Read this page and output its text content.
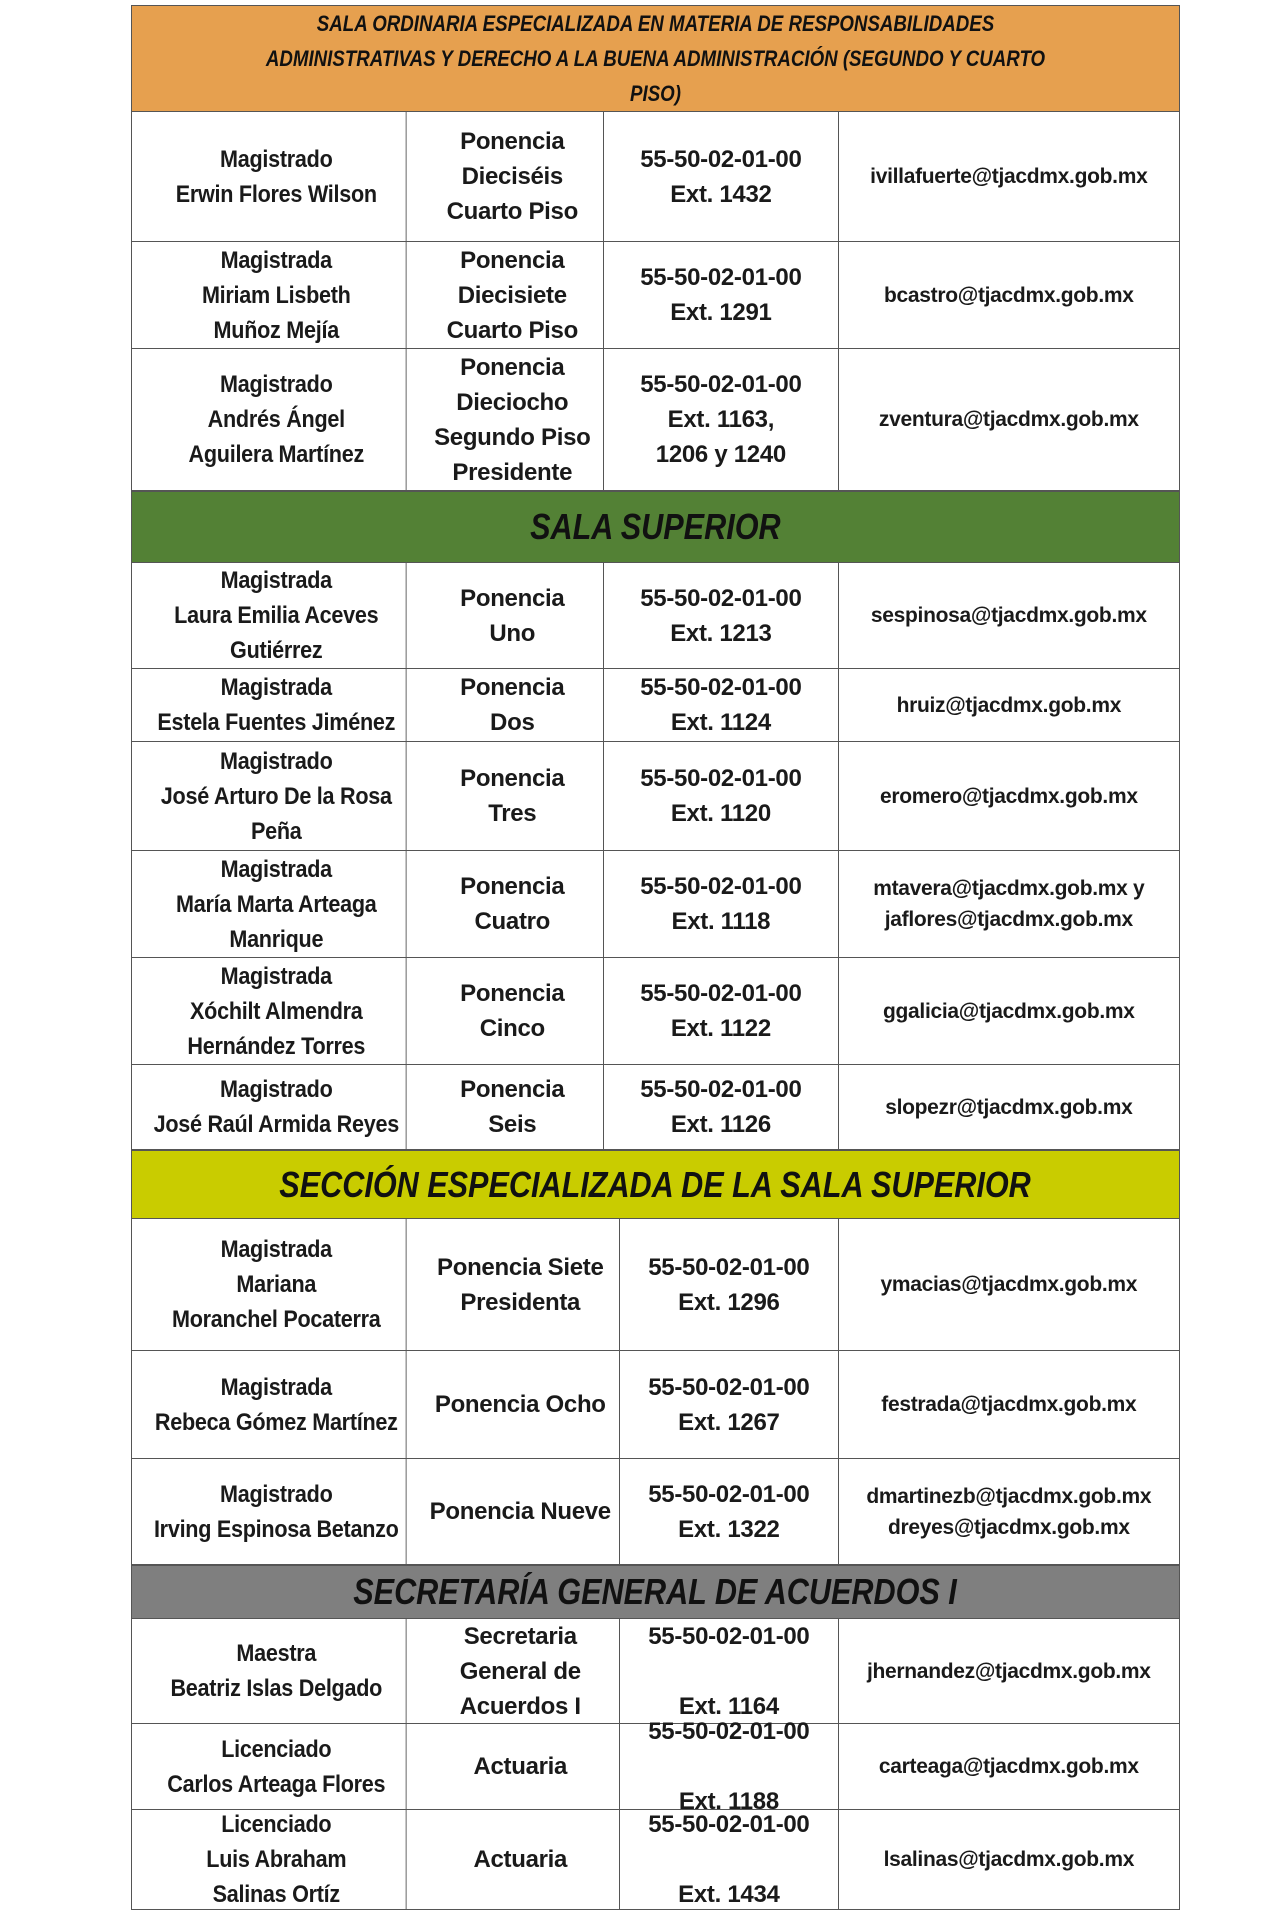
SALA ORDINARIA ESPECIALIZADA EN MATERIA DE RESPONSABILIDADES ADMINISTRATIVAS Y DERECHO A LA BUENA ADMINISTRACIÓN (SEGUNDO Y CUARTO PISO)
Magistrado
Erwin Flores Wilson
Ponencia
Dieciséis
Cuarto Piso
55-50-02-01-00
Ext. 1432
ivillafuerte@tjacdmx.gob.mx
Magistrada
Miriam Lisbeth
Muñoz Mejía
Ponencia
Diecisiete
Cuarto Piso
55-50-02-01-00
Ext. 1291
bcastro@tjacdmx.gob.mx
Magistrado
Andrés Ángel
Aguilera Martínez
Ponencia
Dieciocho
Segundo Piso
Presidente
55-50-02-01-00
Ext. 1163,
1206 y 1240
zventura@tjacdmx.gob.mx
SALA SUPERIOR
Magistrada
Laura Emilia Aceves
Gutiérrez
Ponencia
Uno
55-50-02-01-00
Ext. 1213
sespinosa@tjacdmx.gob.mx
Magistrada
Estela Fuentes Jiménez
Ponencia
Dos
55-50-02-01-00
Ext. 1124
hruiz@tjacdmx.gob.mx
Magistrado
José Arturo De la Rosa
Peña
Ponencia
Tres
55-50-02-01-00
Ext. 1120
eromero@tjacdmx.gob.mx
Magistrada
María Marta Arteaga
Manrique
Ponencia
Cuatro
55-50-02-01-00
Ext. 1118
mtavera@tjacdmx.gob.mx y
jaflores@tjacdmx.gob.mx
Magistrada
Xóchilt Almendra
Hernández Torres
Ponencia
Cinco
55-50-02-01-00
Ext. 1122
ggalicia@tjacdmx.gob.mx
Magistrado
José Raúl Armida Reyes
Ponencia
Seis
55-50-02-01-00
Ext. 1126
slopezr@tjacdmx.gob.mx
SECCIÓN ESPECIALIZADA DE LA SALA SUPERIOR
Magistrada
Mariana
Moranchel Pocaterra
Ponencia Siete
Presidenta
55-50-02-01-00
Ext. 1296
ymacias@tjacdmx.gob.mx
Magistrada
Rebeca Gómez Martínez
Ponencia Ocho
55-50-02-01-00
Ext. 1267
festrada@tjacdmx.gob.mx
Magistrado
Irving Espinosa Betanzo
Ponencia Nueve
55-50-02-01-00
Ext. 1322
dmartinezb@tjacdmx.gob.mx
dreyes@tjacdmx.gob.mx
SECRETARÍA GENERAL DE ACUERDOS I
Maestra
Beatriz Islas Delgado
Secretaria
General de
Acuerdos I
55-50-02-01-00

Ext. 1164
jhernandez@tjacdmx.gob.mx
Licenciado
Carlos Arteaga Flores
Actuaria
55-50-02-01-00

Ext. 1188
carteaga@tjacdmx.gob.mx
Licenciado
Luis Abraham
Salinas Ortíz
Actuaria
55-50-02-01-00

Ext. 1434
lsalinas@tjacdmx.gob.mx
